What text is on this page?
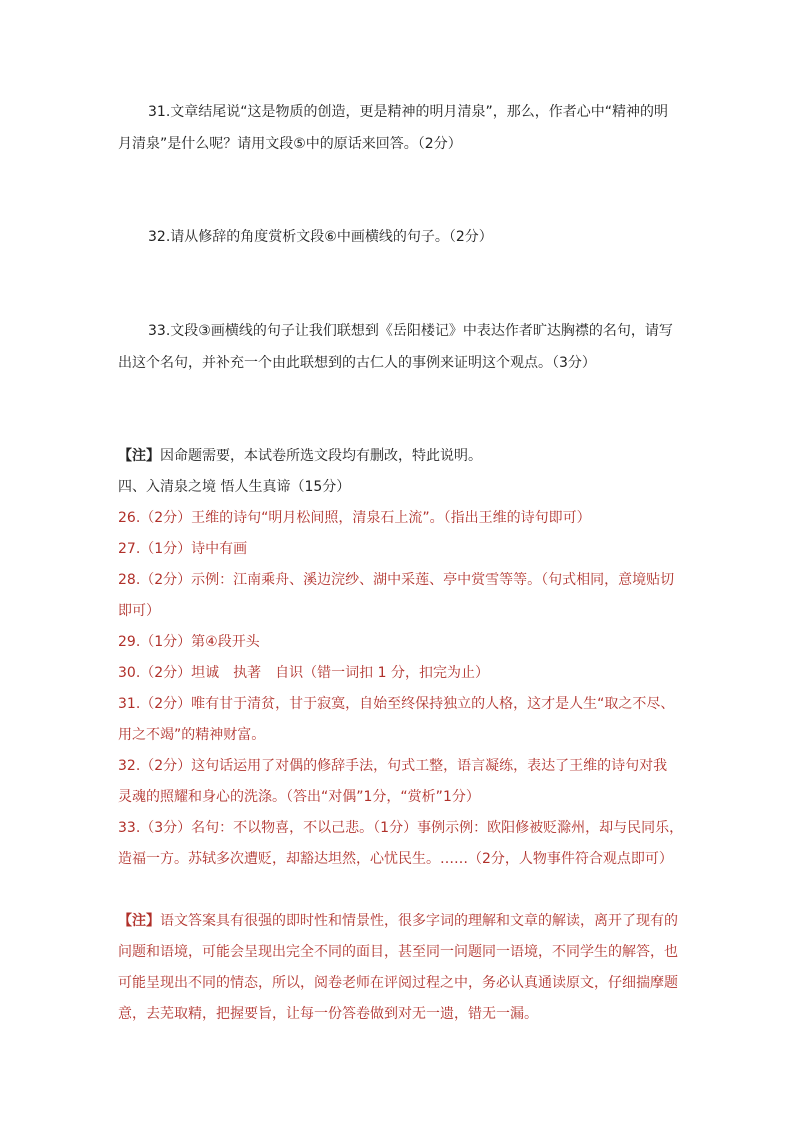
31.文章结尾说“这是物质的创造，更是精神的明月清泉”，那么，作者心中“精神的明
月清泉”是什么呢？请用文段⑤中的原话来回答。（2分）
32.请从修辞的角度赏析文段⑥中画横线的句子。（2分）
33.文段③画横线的句子让我们联想到《岳阳楼记》中表达作者旷达胸襟的名句，请写
出这个名句，并补充一个由此联想到的古仁人的事例来证明这个观点。（3分）
【注】因命题需要，本试卷所选文段均有删改，特此说明。
四、入清泉之境 悟人生真谛（15分）
26.（2分）王维的诗句“明月松间照，清泉石上流”。（指出王维的诗句即可）
27.（1分）诗中有画
28.（2分）示例：江南乘舟、溪边浣纱、湖中采莲、亭中赏雪等等。（句式相同，意境贴切
即可）
29.（1分）第④段开头
30.（2分）坦诚　执著　自识（错一词扣 1 分，扣完为止）
31.（2分）唯有甘于清贫，甘于寂寞，自始至终保持独立的人格，这才是人生“取之不尽、
用之不竭”的精神财富。
32.（2分）这句话运用了对偶的修辞手法，句式工整，语言凝练，表达了王维的诗句对我
灵魂的照耀和身心的洗涤。（答出“对偶”1分，“赏析”1分）
33.（3分）名句：不以物喜，不以己悲。（1分）事例示例：欧阳修被贬滁州，却与民同乐，
造福一方。苏轼多次遭贬，却豁达坦然，心忧民生。……（2分，人物事件符合观点即可）
【注】语文答案具有很强的即时性和情景性，很多字词的理解和文章的解读，离开了现有的
问题和语境，可能会呈现出完全不同的面目，甚至同一问题同一语境，不同学生的解答，也
可能呈现出不同的情态，所以，阅卷老师在评阅过程之中，务必认真通读原文，仔细揣摩题
意，去芜取精，把握要旨，让每一份答卷做到对无一遗，错无一漏。
